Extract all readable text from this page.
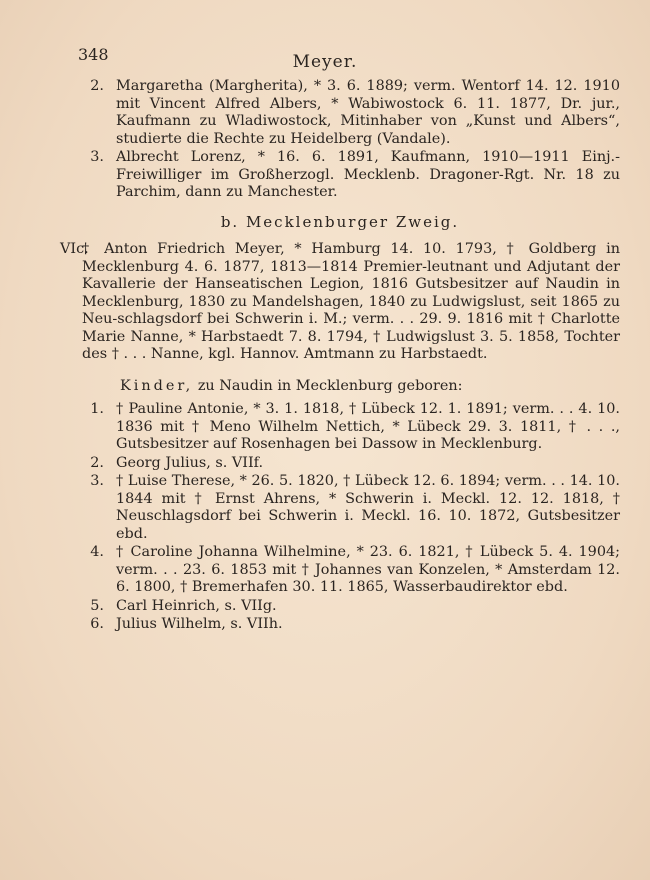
348	Meyer.
2. Margaretha (Margherita), * 3. 6. 1889; verm. Wentorf 14. 12. 1910 mit Vincent Alfred Albers, * Wabiwostock 6. 11. 1877, Dr. jur., Kaufmann zu Wladiwostock, Mitinhaber von „Kunst und Albers“, studierte die Rechte zu Heidelberg (Vandale).

3. Albrecht Lorenz, * 16. 6. 1891, Kaufmann, 1910—1911 Einj.-Freiwilliger im Großherzogl. Mecklenb. Dragoner-Rgt. Nr. 18 zu Parchim, dann zu Manchester.

b. Mecklenburger Zweig.
VIc.

† Anton Friedrich Meyer, * Hamburg 14. 10. 1793, † Goldberg in Mecklenburg 4. 6. 1877, 1813—1814 Premier-leutnant und Adjutant der Kavallerie der Hanseatischen Legion, 1816 Gutsbesitzer auf Naudin in Mecklenburg, 1830 zu Mandelshagen, 1840 zu Ludwigslust, seit 1865 zu Neu-schlagsdorf bei Schwerin i. M.; verm. . . 29. 9. 1816 mit † Charlotte Marie Nanne, * Harbstaedt 7. 8. 1794, † Ludwigslust 3. 5. 1858, Tochter des † . . . Nanne, kgl. Hannov. Amtmann zu Harbstaedt.

Kinder, zu Naudin in Mecklenburg geboren:
1. † Pauline Antonie, * 3. 1. 1818, † Lübeck 12. 1. 1891; verm. . . 4. 10. 1836 mit † Meno Wilhelm Nettich, * Lübeck 29. 3. 1811, † . . ., Gutsbesitzer auf Rosenhagen bei Dassow in Mecklenburg.

2. Georg Julius, s. VIIf.

3. † Luise Therese, * 26. 5. 1820, † Lübeck 12. 6. 1894; verm. . . 14. 10. 1844 mit † Ernst Ahrens, * Schwerin i. Meckl. 12. 12. 1818, † Neuschlagsdorf bei Schwerin i. Meckl. 16. 10. 1872, Gutsbesitzer ebd.

4. † Caroline Johanna Wilhelmine, * 23. 6. 1821, † Lübeck 5. 4. 1904; verm. . . 23. 6. 1853 mit † Johannes van Konzelen, * Amsterdam 12. 6. 1800, † Bremerhafen 30. 11. 1865, Wasserbaudirektor ebd.

5. Carl Heinrich, s. VIIg.

6. Julius Wilhelm, s. VIIh.
